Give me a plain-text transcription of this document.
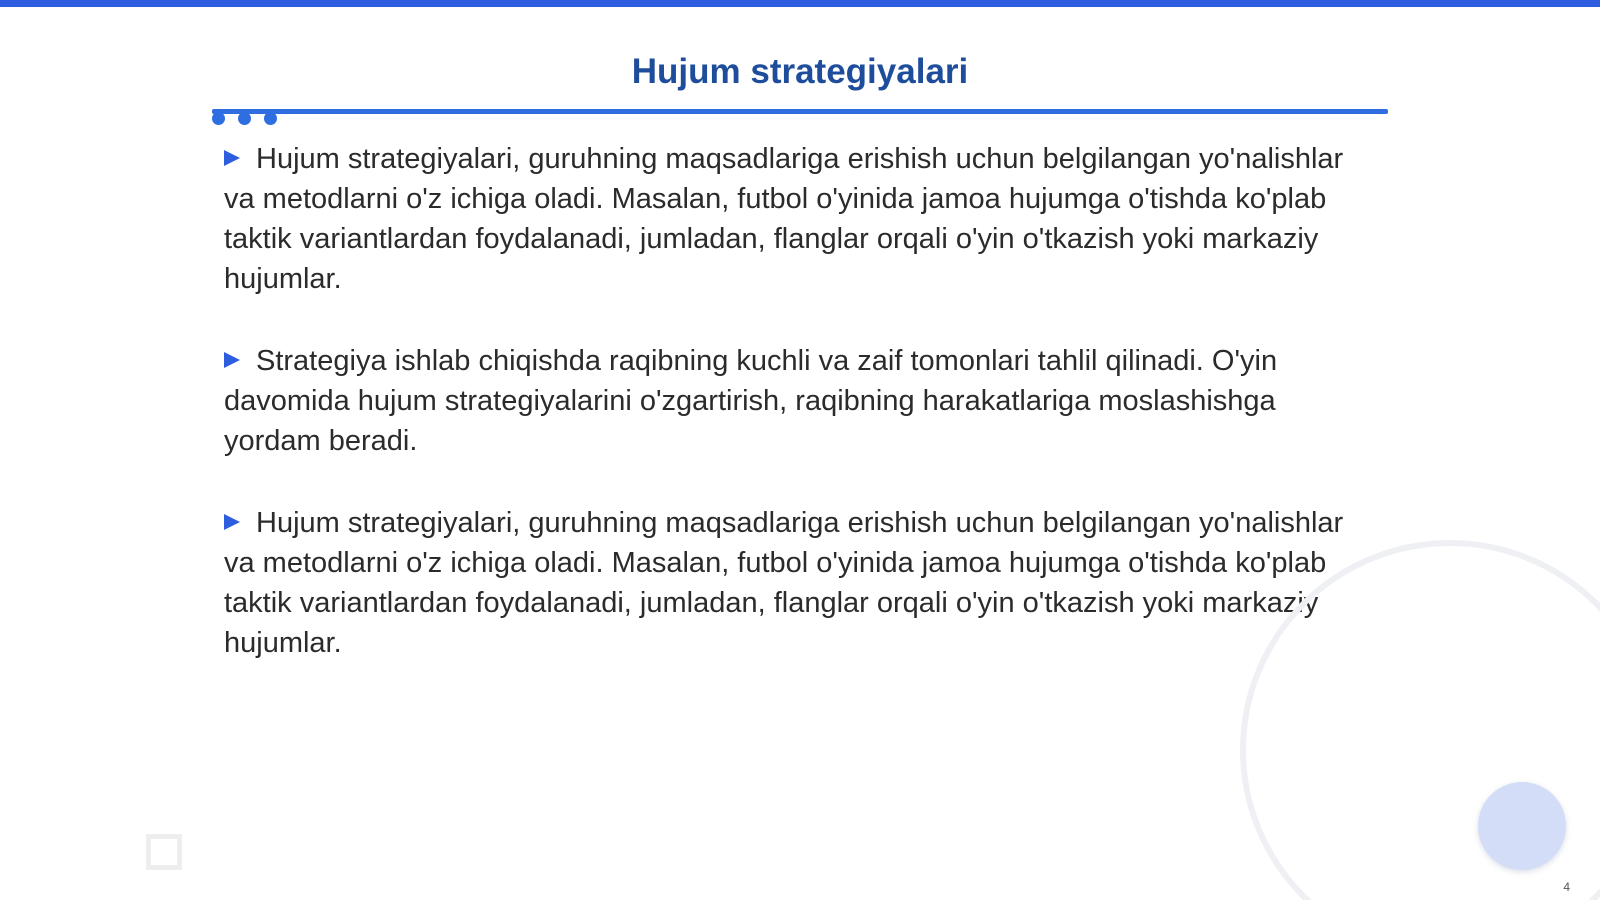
Hujum strategiyalari

Hujum strategiyalari, guruhning maqsadlariga erishish uchun belgilangan yo'nalishlar va metodlarni o'z ichiga oladi. Masalan, futbol o'yinida jamoa hujumga o'tishda ko'plab taktik variantlardan foydalanadi, jumladan, flanglar orqali o'yin o'tkazish yoki markaziy hujumlar.

Strategiya ishlab chiqishda raqibning kuchli va zaif tomonlari tahlil qilinadi. O'yin davomida hujum strategiyalarini o'zgartirish, raqibning harakatlariga moslashishga yordam beradi.

Hujum strategiyalari, guruhning maqsadlariga erishish uchun belgilangan yo'nalishlar va metodlarni o'z ichiga oladi. Masalan, futbol o'yinida jamoa hujumga o'tishda ko'plab taktik variantlardan foydalanadi, jumladan, flanglar orqali o'yin o'tkazish yoki markaziy hujumlar.

4
